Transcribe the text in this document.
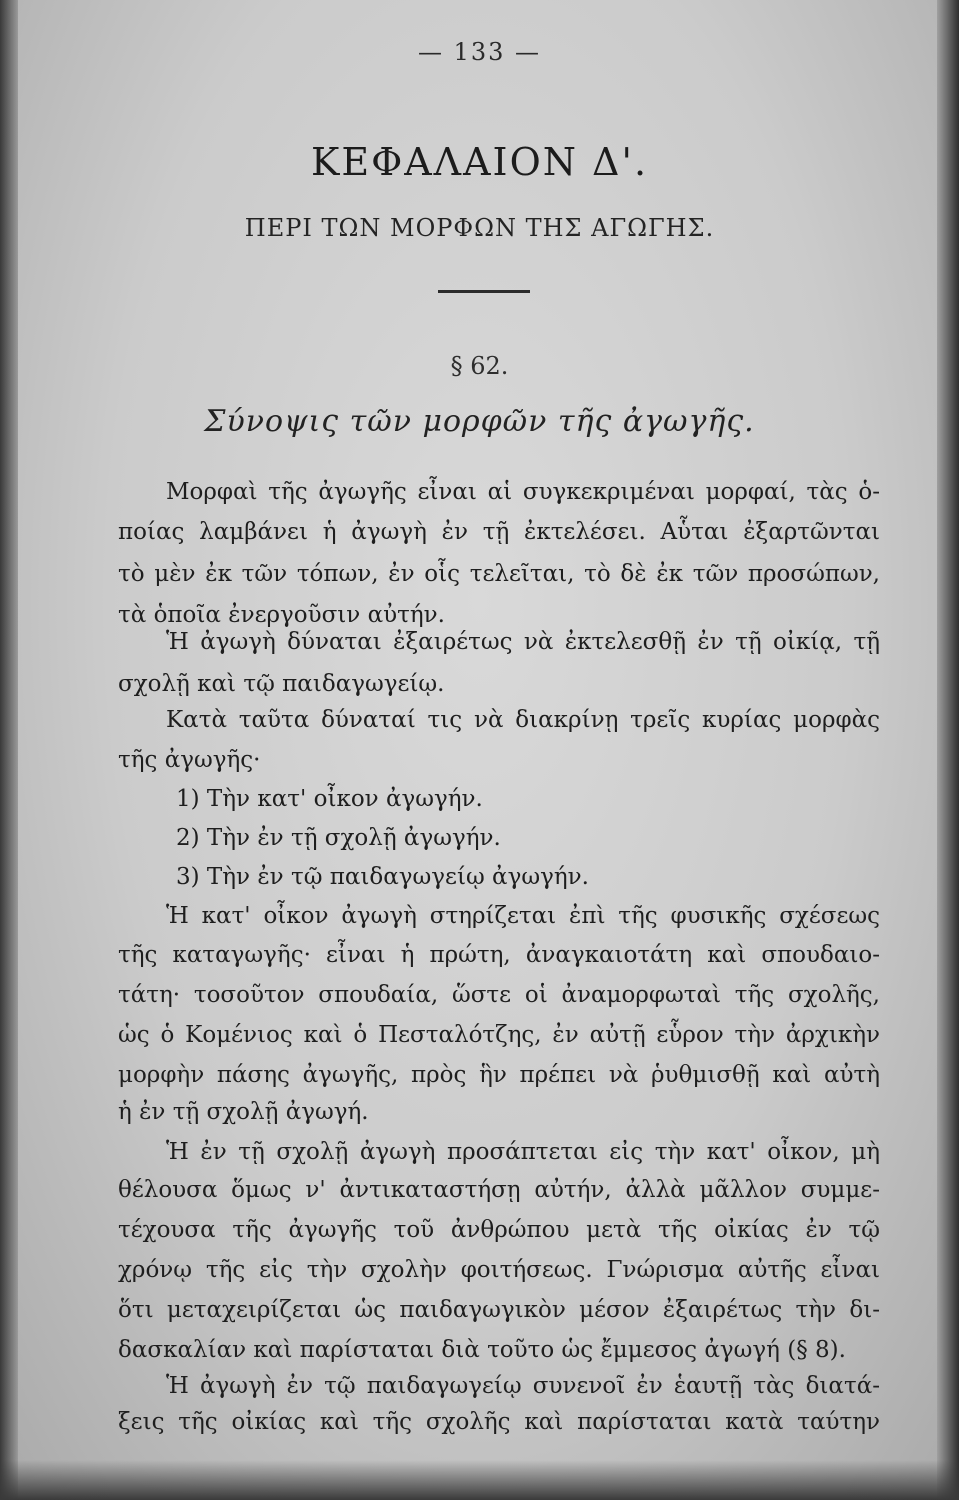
— 133 —
ΚΕΦΑΛΑΙΟΝ Δ'.
ΠΕΡΙ ΤΩΝ ΜΟΡΦΩΝ ΤΗΣ ΑΓΩΓΗΣ.
§ 62.
Σύνοψις τῶν μορφῶν τῆς ἀγωγῆς.
Μορφαὶ τῆς ἀγωγῆς εἶναι αἱ συγκεκριμέναι μορφαί, τὰς ὁ-
ποίας λαμβάνει ἡ ἀγωγὴ ἐν τῇ ἐκτελέσει. Αὗται ἐξαρτῶνται
τὸ μὲν ἐκ τῶν τόπων, ἐν οἷς τελεῖται, τὸ δὲ ἐκ τῶν προσώπων,
τὰ ὁποῖα ἐνεργοῦσιν αὐτήν.
Ἡ ἀγωγὴ δύναται ἐξαιρέτως νὰ ἐκτελεσθῇ ἐν τῇ οἰκίᾳ, τῇ
σχολῇ καὶ τῷ παιδαγωγείῳ.
Κατὰ ταῦτα δύναταί τις νὰ διακρίνῃ τρεῖς κυρίας μορφὰς
τῆς ἀγωγῆς·
1) Τὴν κατ' οἶκον ἀγωγήν.
2) Τὴν ἐν τῇ σχολῇ ἀγωγήν.
3) Τὴν ἐν τῷ παιδαγωγείῳ ἀγωγήν.
Ἡ κατ' οἶκον ἀγωγὴ στηρίζεται ἐπὶ τῆς φυσικῆς σχέσεως
τῆς καταγωγῆς· εἶναι ἡ πρώτη, ἀναγκαιοτάτη καὶ σπουδαιο-
τάτη· τοσοῦτον σπουδαία, ὥστε οἱ ἀναμορφωταὶ τῆς σχολῆς,
ὡς ὁ Κομένιος καὶ ὁ Πεσταλότζης, ἐν αὐτῇ εὗρον τὴν ἀρχικὴν
μορφὴν πάσης ἀγωγῆς, πρὸς ἣν πρέπει νὰ ῥυθμισθῇ καὶ αὐτὴ
ἡ ἐν τῇ σχολῇ ἀγωγή.
Ἡ ἐν τῇ σχολῇ ἀγωγὴ προσάπτεται εἰς τὴν κατ' οἶκον, μὴ
θέλουσα ὅμως ν' ἀντικαταστήσῃ αὐτήν, ἀλλὰ μᾶλλον συμμε-
τέχουσα τῆς ἀγωγῆς τοῦ ἀνθρώπου μετὰ τῆς οἰκίας ἐν τῷ
χρόνῳ τῆς εἰς τὴν σχολὴν φοιτήσεως. Γνώρισμα αὐτῆς εἶναι
ὅτι μεταχειρίζεται ὡς παιδαγωγικὸν μέσον ἐξαιρέτως τὴν δι-
δασκαλίαν καὶ παρίσταται διὰ τοῦτο ὡς ἔμμεσος ἀγωγή (§ 8).
Ἡ ἀγωγὴ ἐν τῷ παιδαγωγείῳ συνενοῖ ἐν ἑαυτῇ τὰς διατά-
ξεις τῆς οἰκίας καὶ τῆς σχολῆς καὶ παρίσταται κατὰ ταύτην
